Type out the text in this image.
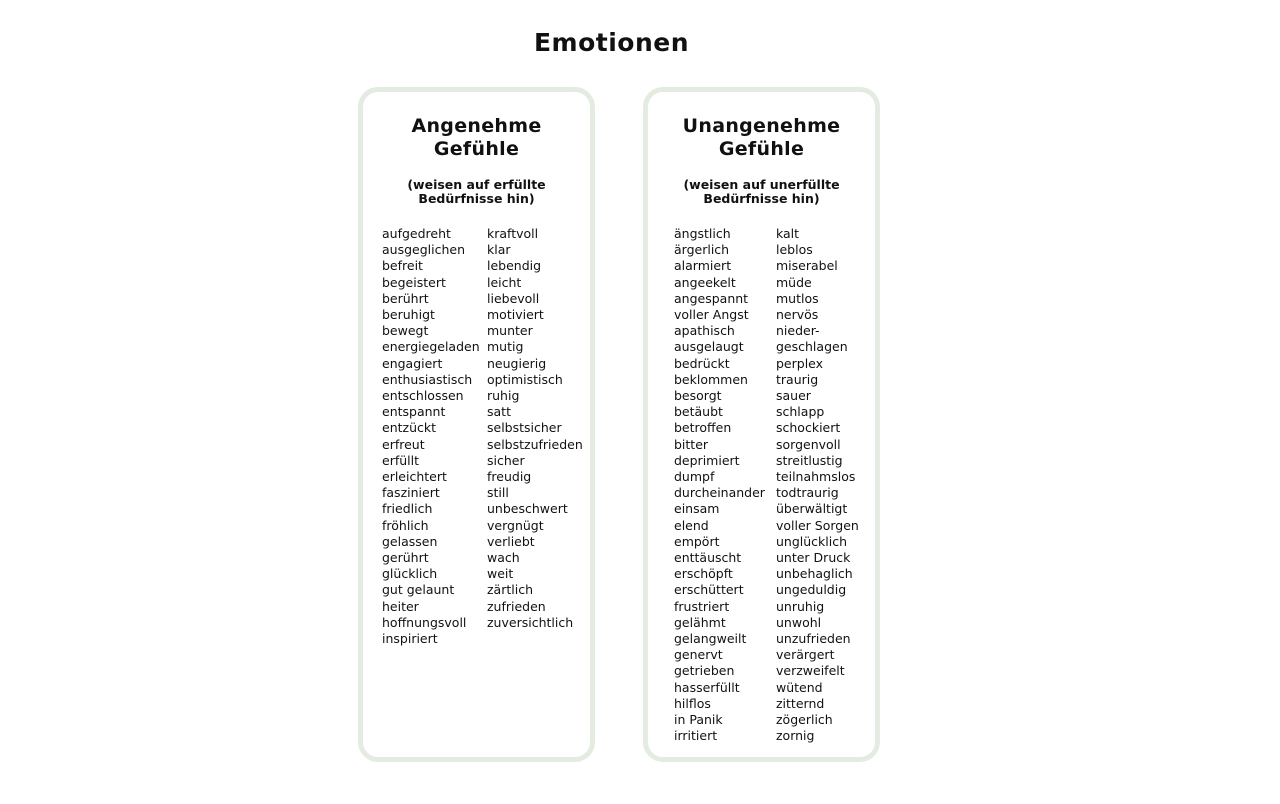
Emotionen
Angenehme Gefühle
(weisen auf erfüllte Bedürfnisse hin)
aufgedreht
ausgeglichen
befreit
begeistert
berührt
beruhigt
bewegt
energiegeladen
engagiert
enthusiastisch
entschlossen
entspannt
entzückt
erfreut
erfüllt
erleichtert
fasziniert
friedlich
fröhlich
gelassen
gerührt
glücklich
gut gelaunt
heiter
hoffnungsvoll
inspiriert
kraftvoll
klar
lebendig
leicht
liebevoll
motiviert
munter
mutig
neugierig
optimistisch
ruhig
satt
selbstsicher
selbstzufrieden
sicher
freudig
still
unbeschwert
vergnügt
verliebt
wach
weit
zärtlich
zufrieden
zuversichtlich
Unangenehme Gefühle
(weisen auf unerfüllte Bedürfnisse hin)
ängstlich
ärgerlich
alarmiert
angeekelt
angespannt
voller Angst
apathisch
ausgelaugt
bedrückt
beklommen
besorgt
betäubt
betroffen
bitter
deprimiert
dumpf
durcheinander
einsam
elend
empört
enttäuscht
erschöpft
erschüttert
frustriert
gelähmt
gelangweilt
genervt
getrieben
hasserfüllt
hilflos
in Panik
irritiert
kalt
leblos
miserabel
müde
mutlos
nervös
nieder-
geschlagen
perplex
traurig
sauer
schlapp
schockiert
sorgenvoll
streitlustig
teilnahmslos
todtraurig
überwältigt
voller Sorgen
unglücklich
unter Druck
unbehaglich
ungeduldig
unruhig
unwohl
unzufrieden
verärgert
verzweifelt
wütend
zitternd
zögerlich
zornig
